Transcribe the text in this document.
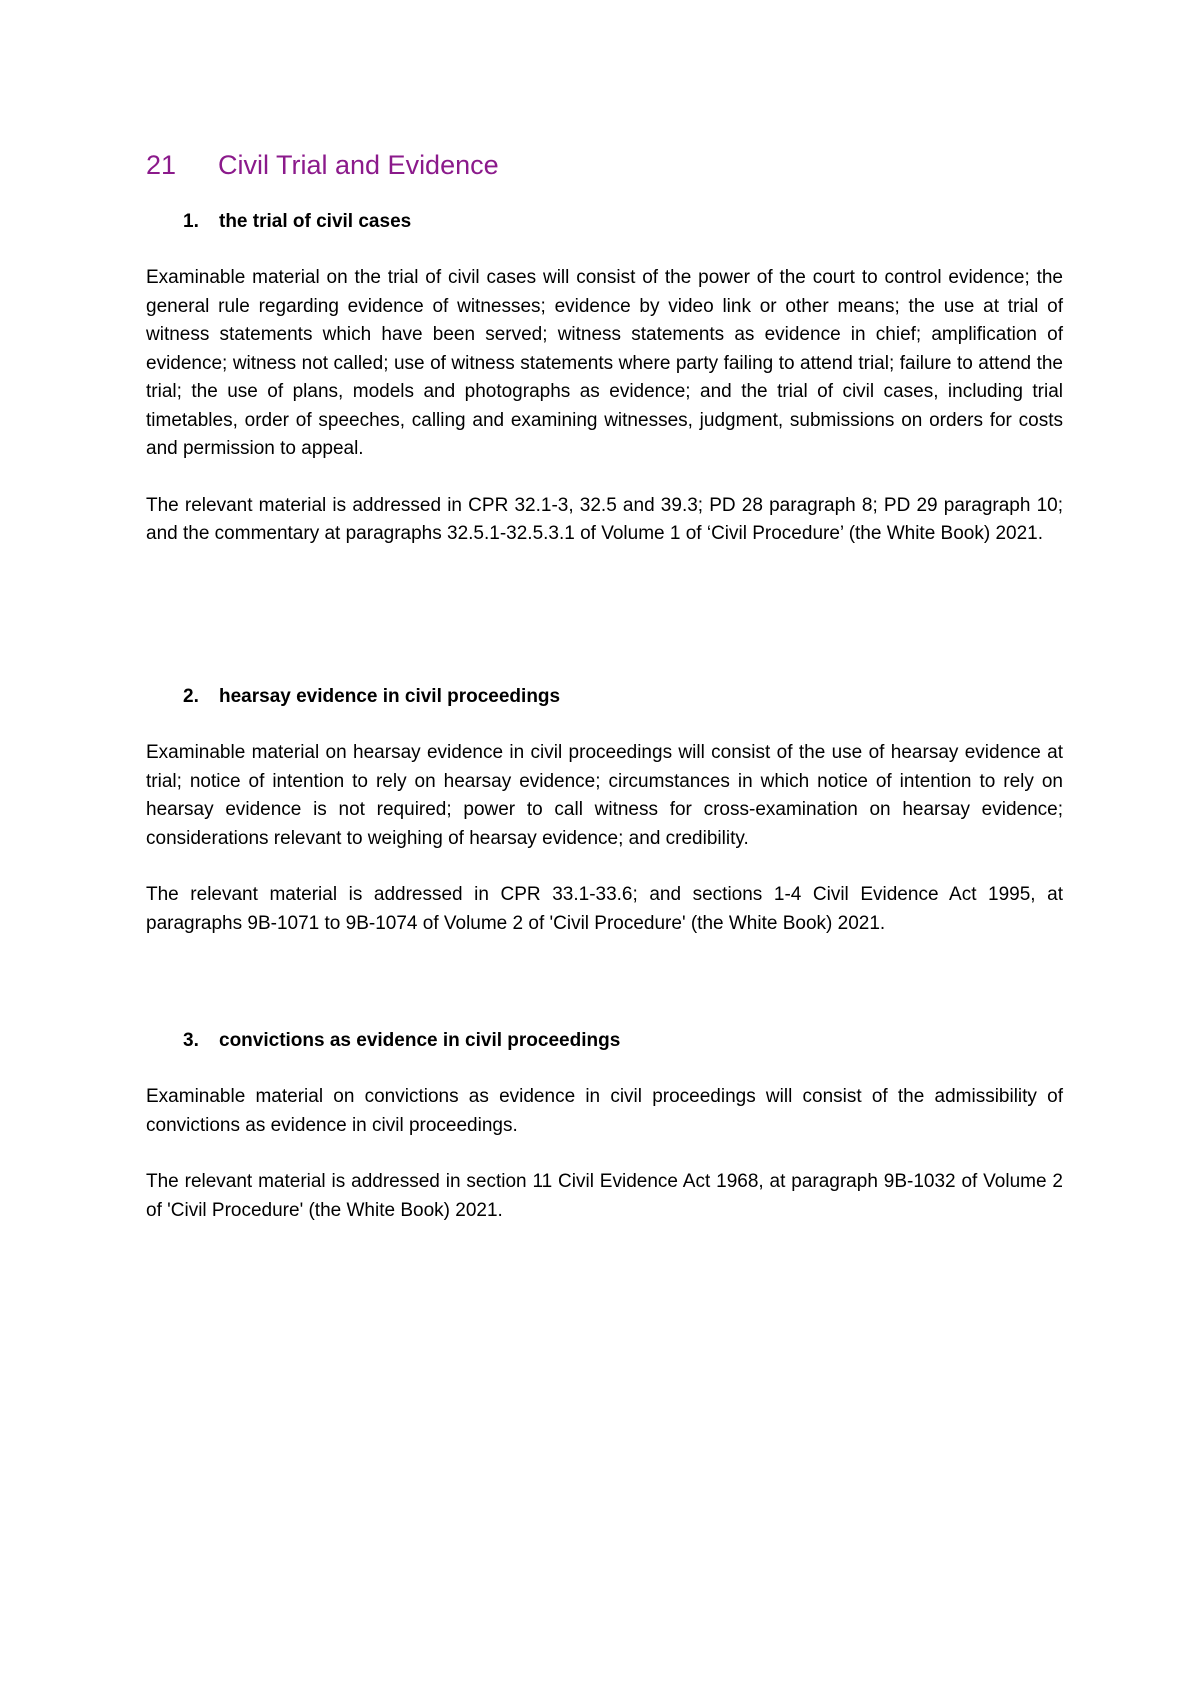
21 Civil Trial and Evidence
1. the trial of civil cases

Examinable material on the trial of civil cases will consist of the power of the court to control evidence; the general rule regarding evidence of witnesses; evidence by video link or other means; the use at trial of witness statements which have been served; witness statements as evidence in chief; amplification of evidence; witness not called; use of witness statements where party failing to attend trial; failure to attend the trial; the use of plans, models and photographs as evidence; and the trial of civil cases, including trial timetables, order of speeches, calling and examining witnesses, judgment, submissions on orders for costs and permission to appeal.

The relevant material is addressed in CPR 32.1-3, 32.5 and 39.3; PD 28 paragraph 8; PD 29 paragraph 10; and the commentary at paragraphs 32.5.1-32.5.3.1 of Volume 1 of ‘Civil Procedure’ (the White Book) 2021.

2. hearsay evidence in civil proceedings

Examinable material on hearsay evidence in civil proceedings will consist of the use of hearsay evidence at trial; notice of intention to rely on hearsay evidence; circumstances in which notice of intention to rely on hearsay evidence is not required; power to call witness for cross-examination on hearsay evidence; considerations relevant to weighing of hearsay evidence; and credibility.

The relevant material is addressed in CPR 33.1-33.6; and sections 1-4 Civil Evidence Act 1995, at paragraphs 9B-1071 to 9B-1074 of Volume 2 of 'Civil Procedure' (the White Book) 2021.

3. convictions as evidence in civil proceedings

Examinable material on convictions as evidence in civil proceedings will consist of the admissibility of convictions as evidence in civil proceedings.

The relevant material is addressed in section 11 Civil Evidence Act 1968, at paragraph 9B-1032 of Volume 2 of 'Civil Procedure' (the White Book) 2021.
